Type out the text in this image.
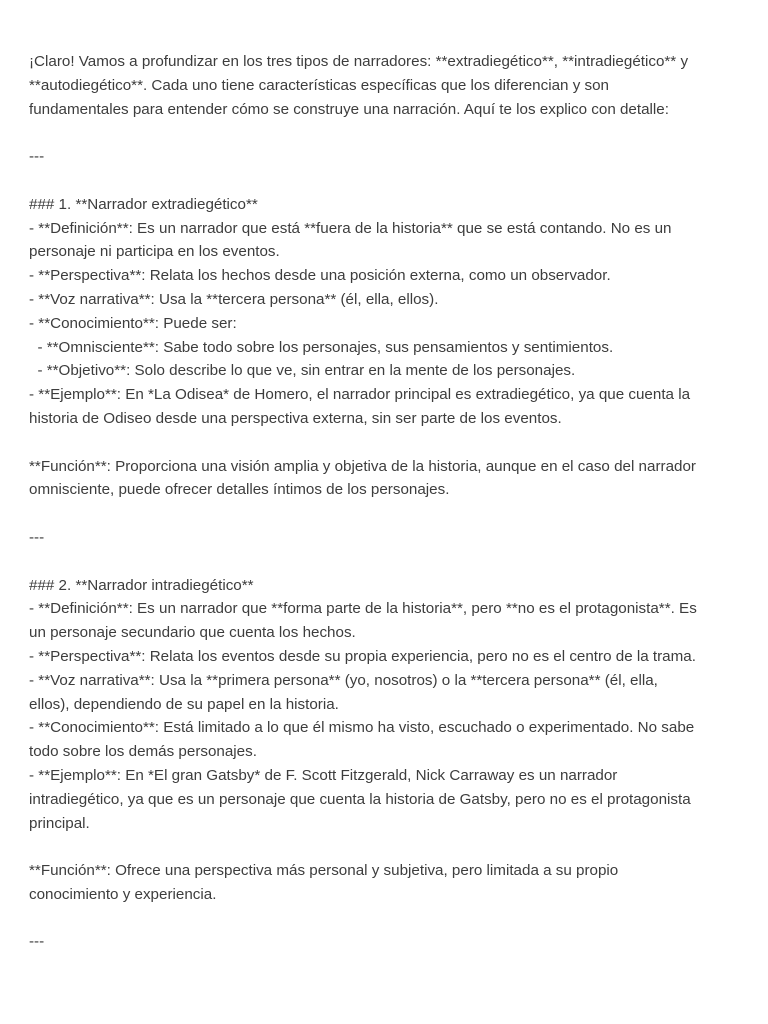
¡Claro! Vamos a profundizar en los tres tipos de narradores: **extradiegético**, **intradiegético** y
**autodiegético**. Cada uno tiene características específicas que los diferencian y son
fundamentales para entender cómo se construye una narración. Aquí te los explico con detalle:
---
### 1. **Narrador extradiegético**
- **Definición**: Es un narrador que está **fuera de la historia** que se está contando. No es un
personaje ni participa en los eventos.
- **Perspectiva**: Relata los hechos desde una posición externa, como un observador.
- **Voz narrativa**: Usa la **tercera persona** (él, ella, ellos).
- **Conocimiento**: Puede ser:
- **Omnisciente**: Sabe todo sobre los personajes, sus pensamientos y sentimientos.
- **Objetivo**: Solo describe lo que ve, sin entrar en la mente de los personajes.
- **Ejemplo**: En *La Odisea* de Homero, el narrador principal es extradiegético, ya que cuenta la
historia de Odiseo desde una perspectiva externa, sin ser parte de los eventos.
**Función**: Proporciona una visión amplia y objetiva de la historia, aunque en el caso del narrador
omnisciente, puede ofrecer detalles íntimos de los personajes.
---
### 2. **Narrador intradiegético**
- **Definición**: Es un narrador que **forma parte de la historia**, pero **no es el protagonista**. Es
un personaje secundario que cuenta los hechos.
- **Perspectiva**: Relata los eventos desde su propia experiencia, pero no es el centro de la trama.
- **Voz narrativa**: Usa la **primera persona** (yo, nosotros) o la **tercera persona** (él, ella,
ellos), dependiendo de su papel en la historia.
- **Conocimiento**: Está limitado a lo que él mismo ha visto, escuchado o experimentado. No sabe
todo sobre los demás personajes.
- **Ejemplo**: En *El gran Gatsby* de F. Scott Fitzgerald, Nick Carraway es un narrador
intradiegético, ya que es un personaje que cuenta la historia de Gatsby, pero no es el protagonista
principal.
**Función**: Ofrece una perspectiva más personal y subjetiva, pero limitada a su propio
conocimiento y experiencia.
---
